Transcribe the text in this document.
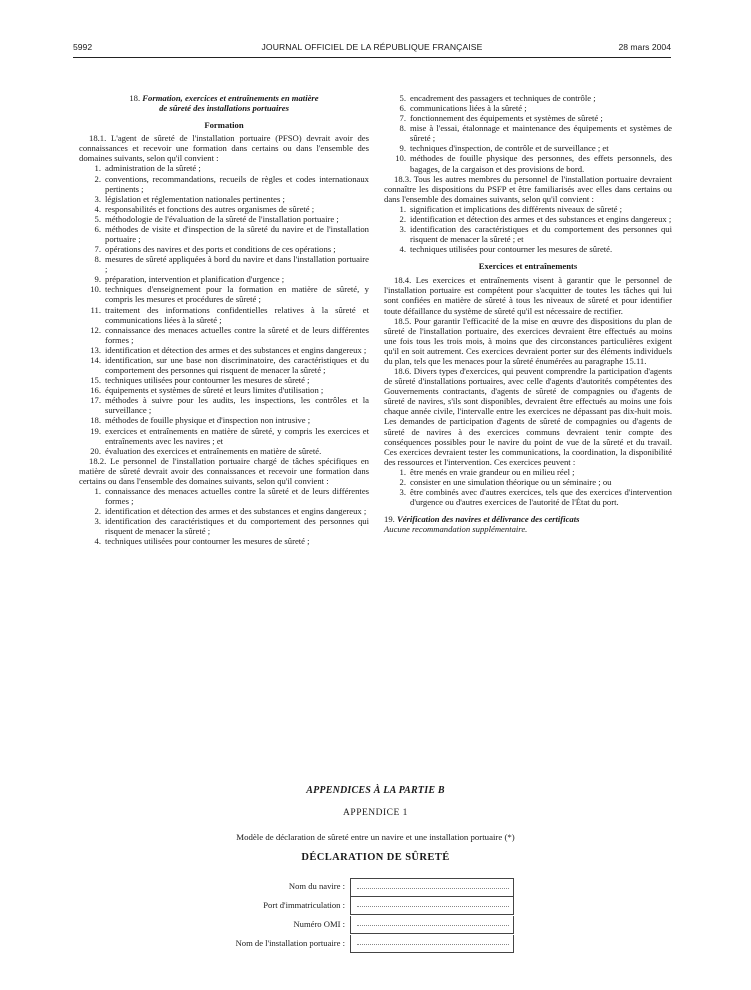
5992	JOURNAL OFFICIEL DE LA RÉPUBLIQUE FRANÇAISE	28 mars 2004

18. Formation, exercices et entraînements en matière
de sûreté des installations portuaires

Formation

18.1. L'agent de sûreté de l'installation portuaire (PFSO) devrait avoir des connaissances et recevoir une formation dans certains ou dans l'ensemble des domaines suivants, selon qu'il convient :

1. administration de la sûreté ;
2. conventions, recommandations, recueils de règles et codes internationaux pertinents ;
3. législation et réglementation nationales pertinentes ;
4. responsabilités et fonctions des autres organismes de sûreté ;
5. méthodologie de l'évaluation de la sûreté de l'installation portuaire ;
6. méthodes de visite et d'inspection de la sûreté du navire et de l'installation portuaire ;
7. opérations des navires et des ports et conditions de ces opérations ;
8. mesures de sûreté appliquées à bord du navire et dans l'installation portuaire ;
9. préparation, intervention et planification d'urgence ;
10. techniques d'enseignement pour la formation en matière de sûreté, y compris les mesures et procédures de sûreté ;
11. traitement des informations confidentielles relatives à la sûreté et communications liées à la sûreté ;
12. connaissance des menaces actuelles contre la sûreté et de leurs différentes formes ;
13. identification et détection des armes et des substances et engins dangereux ;
14. identification, sur une base non discriminatoire, des caractéristiques et du comportement des personnes qui risquent de menacer la sûreté ;
15. techniques utilisées pour contourner les mesures de sûreté ;
16. équipements et systèmes de sûreté et leurs limites d'utilisation ;
17. méthodes à suivre pour les audits, les inspections, les contrôles et la surveillance ;
18. méthodes de fouille physique et d'inspection non intrusive ;
19. exercices et entraînements en matière de sûreté, y compris les exercices et entraînements avec les navires ; et
20. évaluation des exercices et entraînements en matière de sûreté.

18.2. Le personnel de l'installation portuaire chargé de tâches spécifiques en matière de sûreté devrait avoir des connaissances et recevoir une formation dans certains ou dans l'ensemble des domaines suivants, selon qu'il convient :

1. connaissance des menaces actuelles contre la sûreté et de leurs différentes formes ;
2. identification et détection des armes et des substances et engins dangereux ;
3. identification des caractéristiques et du comportement des personnes qui risquent de menacer la sûreté ;
4. techniques utilisées pour contourner les mesures de sûreté ;
5. encadrement des passagers et techniques de contrôle ;
6. communications liées à la sûreté ;
7. fonctionnement des équipements et systèmes de sûreté ;
8. mise à l'essai, étalonnage et maintenance des équipements et systèmes de sûreté ;
9. techniques d'inspection, de contrôle et de surveillance ; et
10. méthodes de fouille physique des personnes, des effets personnels, des bagages, de la cargaison et des provisions de bord.

18.3. Tous les autres membres du personnel de l'installation portuaire devraient connaître les dispositions du PSFP et être familiarisés avec elles dans certains ou dans l'ensemble des domaines suivants, selon qu'il convient :

1. signification et implications des différents niveaux de sûreté ;
2. identification et détection des armes et des substances et engins dangereux ;
3. identification des caractéristiques et du comportement des personnes qui risquent de menacer la sûreté ; et
4. techniques utilisées pour contourner les mesures de sûreté.

Exercices et entraînements

18.4. Les exercices et entraînements visent à garantir que le personnel de l'installation portuaire est compétent pour s'acquitter de toutes les tâches qui lui sont confiées en matière de sûreté à tous les niveaux de sûreté et pour identifier toute défaillance du système de sûreté qu'il est nécessaire de rectifier.

18.5. Pour garantir l'efficacité de la mise en œuvre des dispositions du plan de sûreté de l'installation portuaire, des exercices devraient être effectués au moins une fois tous les trois mois, à moins que des circonstances particulières exigent qu'il en soit autrement. Ces exercices devraient porter sur des éléments individuels du plan, tels que les menaces pour la sûreté énumérées au paragraphe 15.11.

18.6. Divers types d'exercices, qui peuvent comprendre la participation d'agents de sûreté d'installations portuaires, avec celle d'agents d'autorités compétentes des Gouvernements contractants, d'agents de sûreté de compagnies ou d'agents de sûreté de navires, s'ils sont disponibles, devraient être effectués au moins une fois chaque année civile, l'intervalle entre les exercices ne dépassant pas dix-huit mois. Les demandes de participation d'agents de sûreté de compagnies ou d'agents de sûreté de navires à des exercices communs devraient tenir compte des conséquences possibles pour le navire du point de vue de la sûreté et du travail. Ces exercices devraient tester les communications, la coordination, la disponibilité des ressources et l'intervention. Ces exercices peuvent :

1. être menés en vraie grandeur ou en milieu réel ;
2. consister en une simulation théorique ou un séminaire ; ou
3. être combinés avec d'autres exercices, tels que des exercices d'intervention d'urgence ou d'autres exercices de l'autorité de l'État du port.

19. Vérification des navires et délivrance des certificats

Aucune recommandation supplémentaire.

APPENDICES À LA PARTIE B
APPENDICE 1
Modèle de déclaration de sûreté entre un navire et une installation portuaire (*)
DÉCLARATION DE SÛRETÉ
Nom du navire :
Port d'immatriculation :
Numéro OMI :
Nom de l'installation portuaire :
